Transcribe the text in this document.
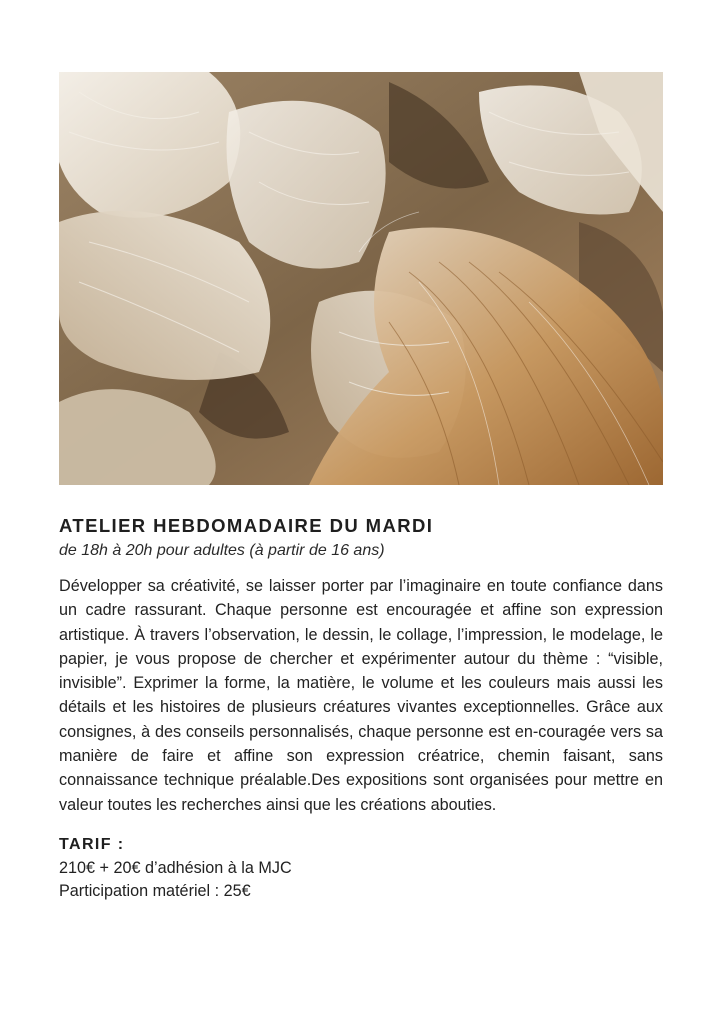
ATELIER HEBDOMADAIRE DU MARDI

de 18h à 20h pour adultes (à partir de 16 ans)

Développer sa créativité, se laisser porter par l’imaginaire en toute confiance dans un cadre rassurant. Chaque personne est encouragée et affine son expression artistique. À travers l’observation, le dessin, le collage, l’impression, le modelage, le papier, je vous propose de chercher et expérimenter autour du thème : “visible, invisible”. Exprimer la forme, la matière, le volume et les couleurs mais aussi les détails et les histoires de plusieurs créatures vivantes exceptionnelles. Grâce aux consignes, à des conseils personnalisés, chaque personne est en-couragée vers sa manière de faire et affine son expression créatrice, chemin faisant, sans connaissance technique préalable.Des expositions sont organisées pour mettre en valeur toutes les recherches ainsi que les créations abouties.

TARIF :

210€ + 20€ d’adhésion à la MJC

Participation matériel : 25€
